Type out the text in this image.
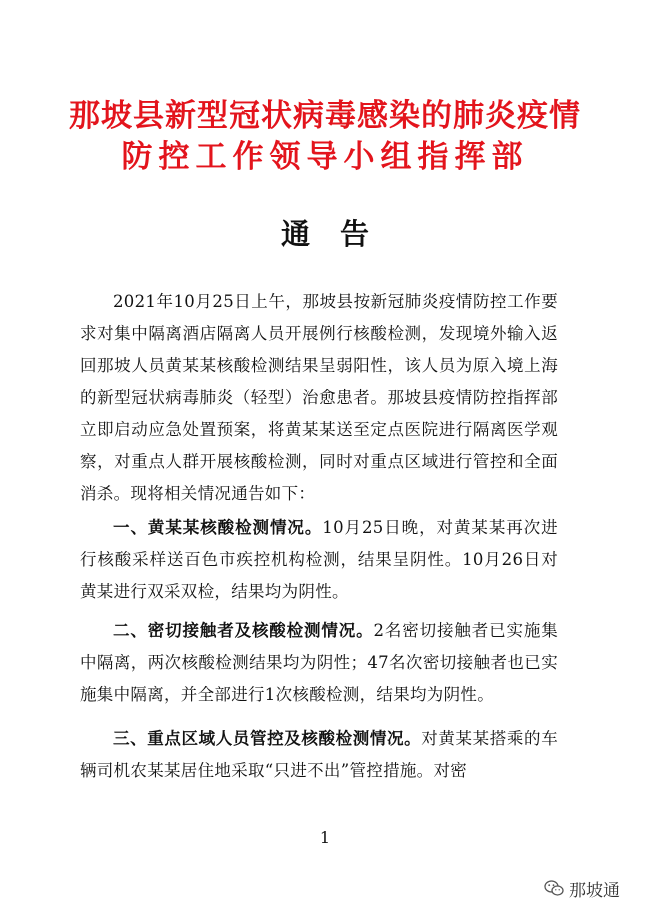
那坡县新型冠状病毒感染的肺炎疫情
防控工作领导小组指挥部
通告

2021年10月25日上午，那坡县按新冠肺炎疫情防控工作要求对集中隔离酒店隔离人员开展例行核酸检测，发现境外输入返回那坡人员黄某某核酸检测结果呈弱阳性，该人员为原入境上海的新型冠状病毒肺炎（轻型）治愈患者。那坡县疫情防控指挥部立即启动应急处置预案，将黄某某送至定点医院进行隔离医学观察，对重点人群开展核酸检测，同时对重点区域进行管控和全面消杀。现将相关情况通告如下：

一、黄某某核酸检测情况。10月25日晚，对黄某某再次进行核酸采样送百色市疾控机构检测，结果呈阴性。10月26日对黄某进行双采双检，结果均为阴性。

二、密切接触者及核酸检测情况。2名密切接触者已实施集中隔离，两次核酸检测结果均为阴性；47名次密切接触者也已实施集中隔离，并全部进行1次核酸检测，结果均为阴性。

三、重点区域人员管控及核酸检测情况。对黄某某搭乘的车辆司机农某某居住地采取“只进不出”管控措施。对密

1
那坡通
